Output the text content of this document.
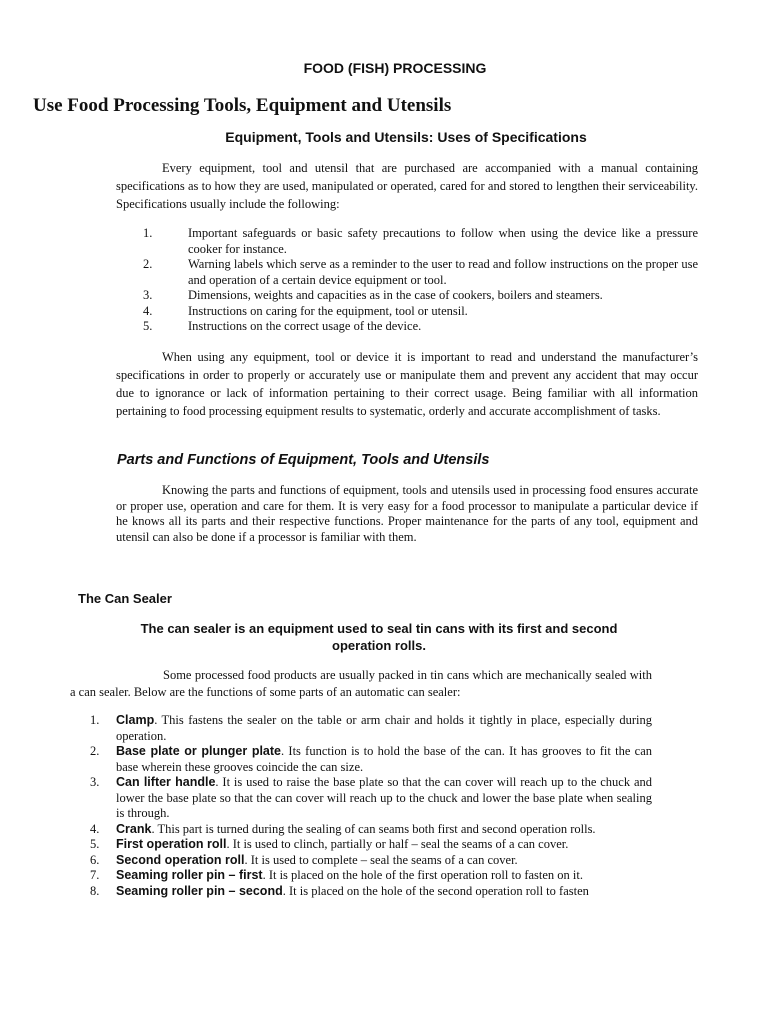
FOOD (FISH) PROCESSING
Use Food Processing Tools, Equipment and Utensils
Equipment, Tools and Utensils: Uses of Specifications

Every equipment, tool and utensil that are purchased are accompanied with a manual containing specifications as to how they are used, manipulated or operated, cared for and stored to lengthen their serviceability. Specifications usually include the following:

1.	Important safeguards or basic safety precautions to follow when using the device like a pressure cooker for instance.
2.	Warning labels which serve as a reminder to the user to read and follow instructions on the proper use and operation of a certain device equipment or tool.
3.	Dimensions, weights and capacities as in the case of cookers, boilers and steamers.
4.	Instructions on caring for the equipment, tool or utensil.
5.	Instructions on the correct usage of the device.

When using any equipment, tool or device it is important to read and understand the manufacturer’s specifications in order to properly or accurately use or manipulate them and prevent any accident that may occur due to ignorance or lack of information pertaining to their correct usage. Being familiar with all information pertaining to food processing equipment results to systematic, orderly and accurate accomplishment of tasks.

Parts and Functions of Equipment, Tools and Utensils

Knowing the parts and functions of equipment, tools and utensils used in processing food ensures accurate or proper use, operation and care for them. It is very easy for a food processor to manipulate a particular device if he knows all its parts and their respective functions. Proper maintenance for the parts of any tool, equipment and utensil can also be done if a processor is familiar with them.

The Can Sealer
The can sealer is an equipment used to seal tin cans with its first and second operation rolls.

Some processed food products are usually packed in tin cans which are mechanically sealed with a can sealer. Below are the functions of some parts of an automatic can sealer:

1. Clamp. This fastens the sealer on the table or arm chair and holds it tightly in place, especially during operation.
2. Base plate or plunger plate. Its function is to hold the base of the can. It has grooves to fit the can base wherein these grooves coincide the can size.
3. Can lifter handle. It is used to raise the base plate so that the can cover will reach up to the chuck and lower the base plate so that the can cover will reach up to the chuck and lower the base plate when sealing is through.
4. Crank. This part is turned during the sealing of can seams both first and second operation rolls.
5. First operation roll. It is used to clinch, partially or half – seal the seams of a can cover.
6. Second operation roll. It is used to complete – seal the seams of a can cover.
7. Seaming roller pin – first. It is placed on the hole of the first operation roll to fasten on it.
8. Seaming roller pin – second. It is placed on the hole of the second operation roll to fasten
